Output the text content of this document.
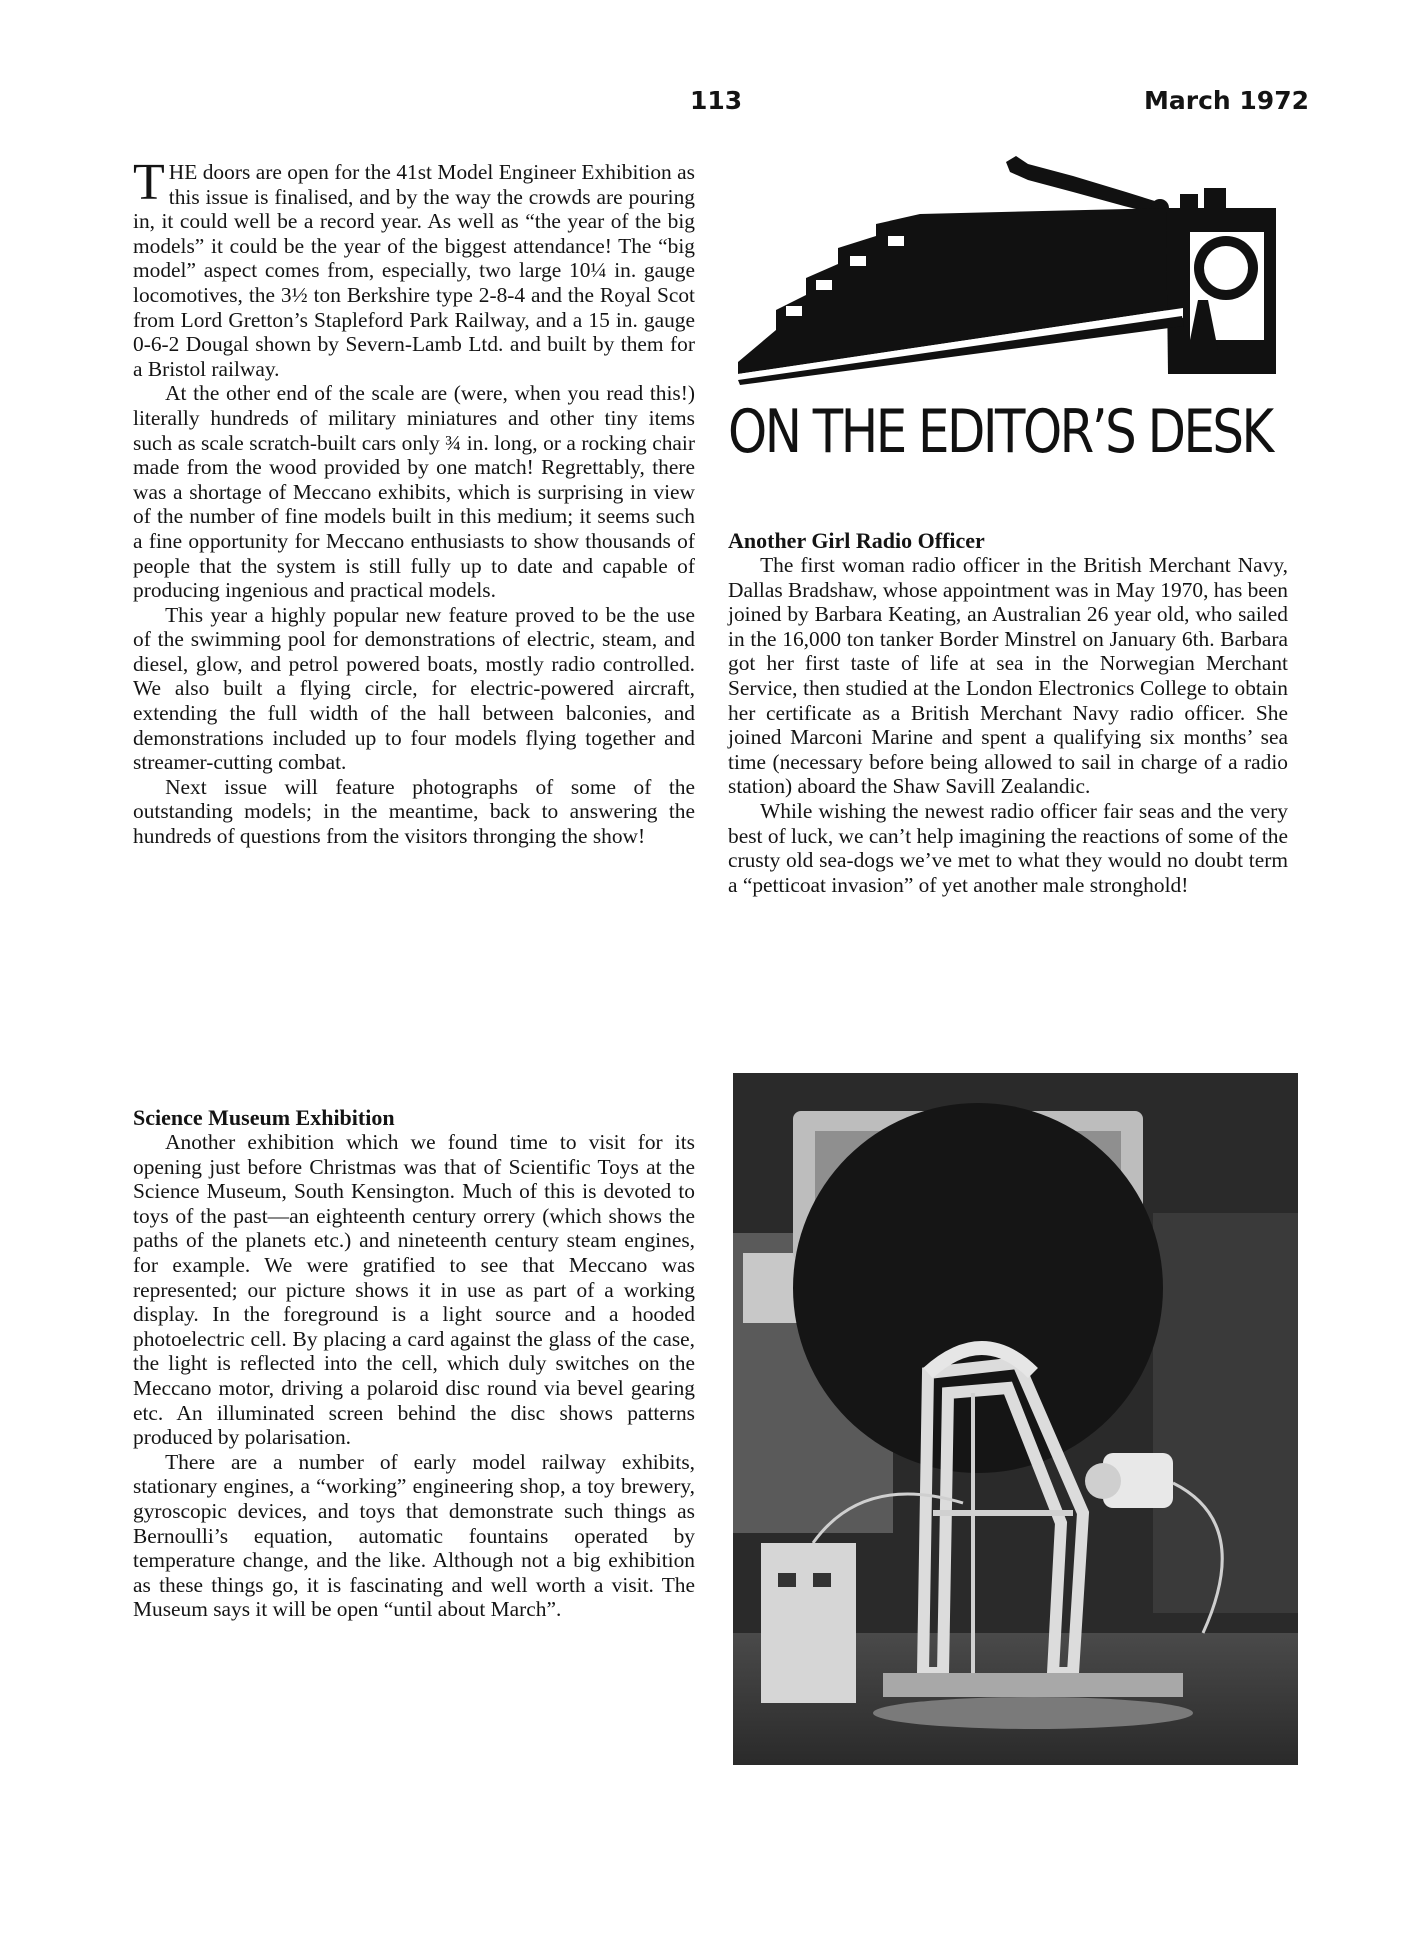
113	March 1972

THE doors are open for the 41st Model Engineer Exhibition as this issue is finalised, and by the way the crowds are pouring in, it could well be a record year. As well as “the year of the big models” it could be the year of the biggest attendance! The “big model” aspect comes from, especially, two large 10¼ in. gauge locomotives, the 3½ ton Berkshire type 2-8-4 and the Royal Scot from Lord Gretton’s Stapleford Park Railway, and a 15 in. gauge 0-6-2 Dougal shown by Severn-Lamb Ltd. and built by them for a Bristol railway.

At the other end of the scale are (were, when you read this!) literally hundreds of military miniatures and other tiny items such as scale scratch-built cars only ¾ in. long, or a rocking chair made from the wood provided by one match! Regrettably, there was a shortage of Meccano exhibits, which is surprising in view of the number of fine models built in this medium; it seems such a fine opportunity for Meccano enthusiasts to show thousands of people that the system is still fully up to date and capable of producing ingenious and practical models.

This year a highly popular new feature proved to be the use of the swimming pool for demonstrations of electric, steam, and diesel, glow, and petrol powered boats, mostly radio controlled. We also built a flying circle, for electric-powered aircraft, extending the full width of the hall between balconies, and demonstrations included up to four models flying together and streamer-cutting combat.

Next issue will feature photographs of some of the outstanding models; in the meantime, back to answering the hundreds of questions from the visitors thronging the show!

ON THE EDITOR’S DESK
Another Girl Radio Officer

The first woman radio officer in the British Merchant Navy, Dallas Bradshaw, whose appointment was in May 1970, has been joined by Barbara Keating, an Australian 26 year old, who sailed in the 16,000 ton tanker Border Minstrel on January 6th. Barbara got her first taste of life at sea in the Norwegian Merchant Service, then studied at the London Electronics College to obtain her certificate as a British Merchant Navy radio officer. She joined Marconi Marine and spent a qualifying six months’ sea time (necessary before being allowed to sail in charge of a radio station) aboard the Shaw Savill Zealandic.

While wishing the newest radio officer fair seas and the very best of luck, we can’t help imagining the reactions of some of the crusty old sea-dogs we’ve met to what they would no doubt term a “petticoat invasion” of yet another male stronghold!

Science Museum Exhibition

Another exhibition which we found time to visit for its opening just before Christmas was that of Scientific Toys at the Science Museum, South Kensington. Much of this is devoted to toys of the past—an eighteenth century orrery (which shows the paths of the planets etc.) and nineteenth century steam engines, for example. We were gratified to see that Meccano was represented; our picture shows it in use as part of a working display. In the foreground is a light source and a hooded photoelectric cell. By placing a card against the glass of the case, the light is reflected into the cell, which duly switches on the Meccano motor, driving a polaroid disc round via bevel gearing etc. An illuminated screen behind the disc shows patterns produced by polarisation.

There are a number of early model railway exhibits, stationary engines, a “working” engineering shop, a toy brewery, gyroscopic devices, and toys that demonstrate such things as Bernoulli’s equation, automatic fountains operated by temperature change, and the like. Although not a big exhibition as these things go, it is fascinating and well worth a visit. The Museum says it will be open “until about March”.
